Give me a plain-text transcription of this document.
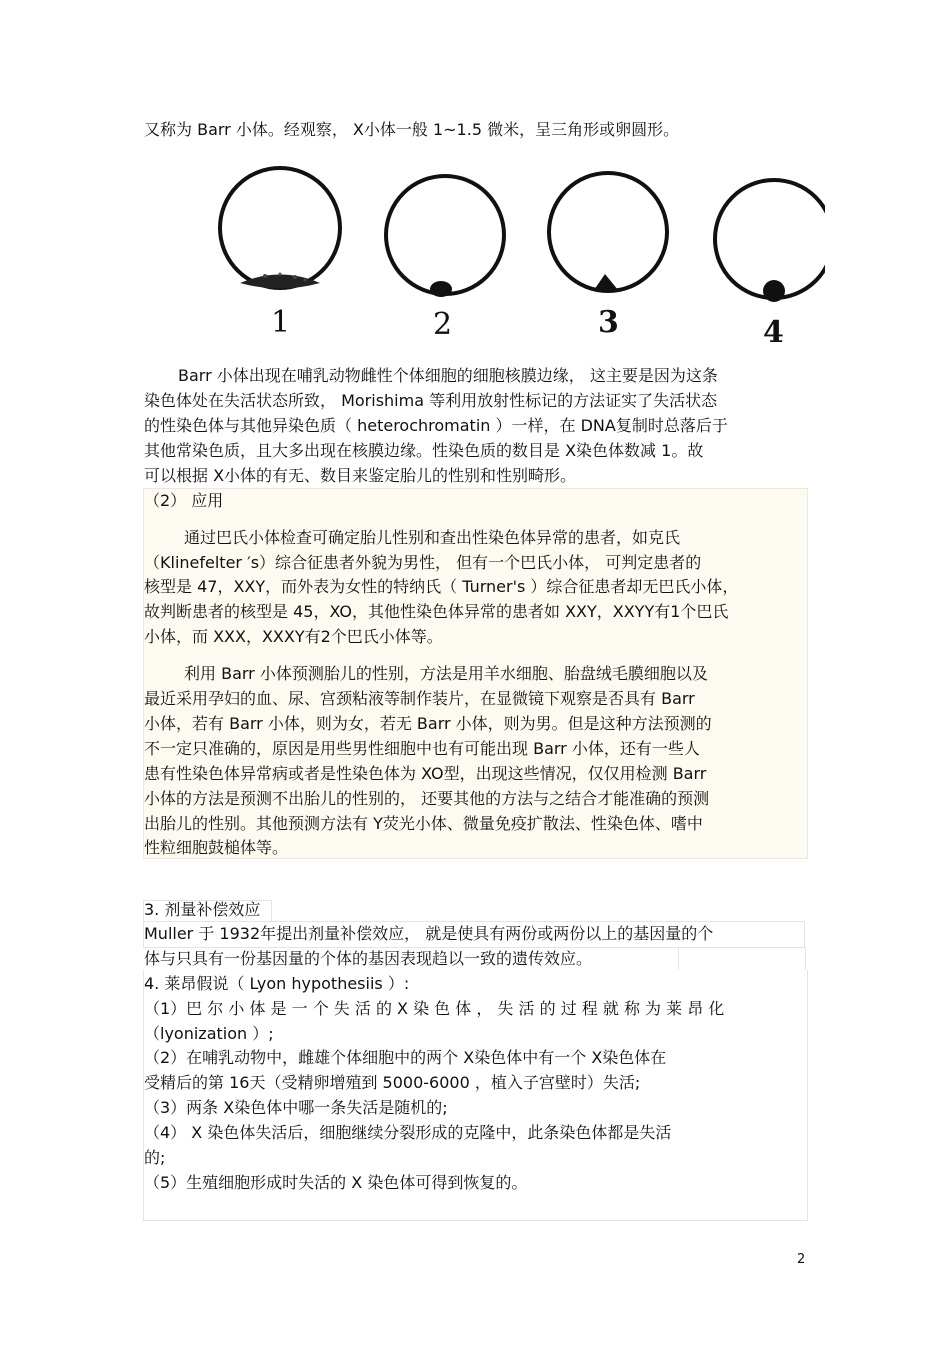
又称为 Barr 小体。经观察， X小体一般 1~1.5 微米，呈三角形或卵圆形。
1	2	3	4
Barr 小体出现在哺乳动物雌性个体细胞的细胞核膜边缘， 这主要是因为这条
染色体处在失活状态所致， Morishima 等利用放射性标记的方法证实了失活状态
的性染色体与其他异染色质（ heterochromatin ）一样，在 DNA复制时总落后于
其他常染色质，且大多出现在核膜边缘。性染色质的数目是 X染色体数减 1。故
可以根据 X小体的有无、数目来鉴定胎儿的性别和性别畸形。
（2） 应用
通过巴氏小体检查可确定胎儿性别和查出性染色体异常的患者，如克氏
（Klinefelter ′s）综合征患者外貌为男性， 但有一个巴氏小体， 可判定患者的
核型是 47，XXY，而外表为女性的特纳氏（ Turner's ）综合征患者却无巴氏小体，
故判断患者的核型是 45，XO，其他性染色体异常的患者如 XXY，XXYY有1个巴氏
小体，而 XXX，XXXY有2个巴氏小体等。
利用 Barr 小体预测胎儿的性别，方法是用羊水细胞、胎盘绒毛膜细胞以及
最近采用孕妇的血、尿、宫颈粘液等制作装片，在显微镜下观察是否具有 Barr
小体，若有 Barr 小体，则为女，若无 Barr 小体，则为男。但是这种方法预测的
不一定只准确的，原因是用些男性细胞中也有可能出现 Barr 小体，还有一些人
患有性染色体异常病或者是性染色体为 XO型，出现这些情况，仅仅用检测 Barr
小体的方法是预测不出胎儿的性别的， 还要其他的方法与之结合才能准确的预测
出胎儿的性别。其他预测方法有 Y荧光小体、微量免疫扩散法、性染色体、嗜中
性粒细胞鼓槌体等。
3. 剂量补偿效应
Muller 于 1932年提出剂量补偿效应， 就是使具有两份或两份以上的基因量的个
体与只具有一份基因量的个体的基因表现趋以一致的遗传效应。
4. 莱昂假说（ Lyon hypothesiis ）:
（1）巴 尔 小 体 是 一 个 失 活 的 X 染 色 体 ， 失 活 的 过 程 就 称 为 莱 昂 化
（lyonization ）;
（2）在哺乳动物中，雌雄个体细胞中的两个 X染色体中有一个 X染色体在
受精后的第 16天（受精卵增殖到 5000-6000 ，植入子宫壁时）失活;
（3）两条 X染色体中哪一条失活是随机的;
（4） X 染色体失活后，细胞继续分裂形成的克隆中，此条染色体都是失活
的;
（5）生殖细胞形成时失活的 X 染色体可得到恢复的。
2
